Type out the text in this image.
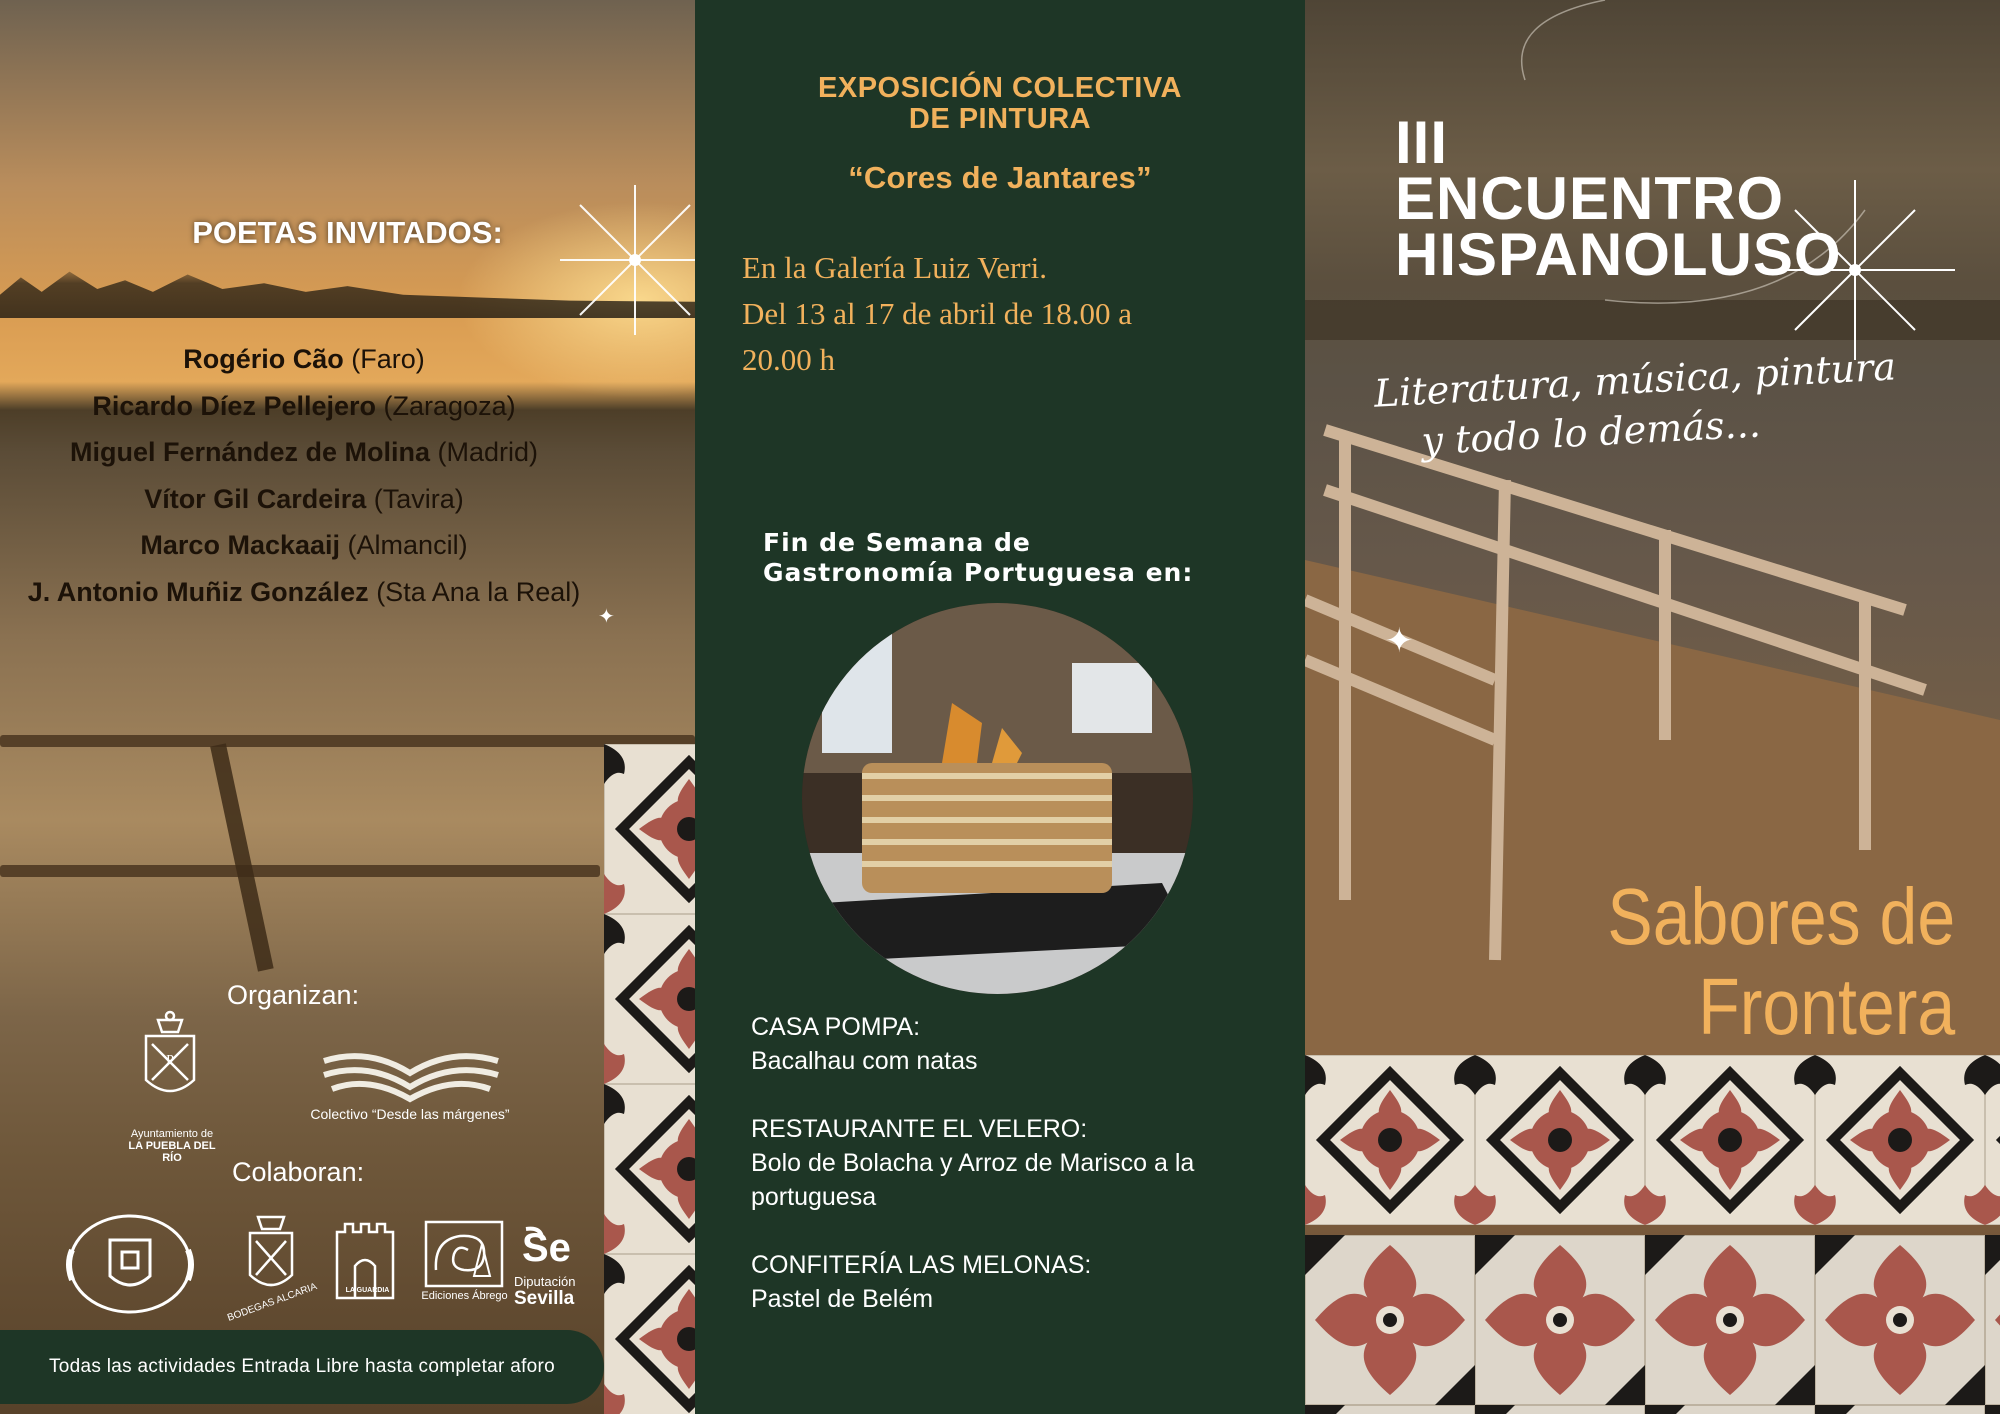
POETAS INVITADOS:
Rogério Cão (Faro)
Ricardo Díez Pellejero (Zaragoza)
Miguel Fernández de Molina (Madrid)
Vítor Gil Cardeira (Tavira)
Marco Mackaaij (Almancil)
J. Antonio Muñiz González (Sta Ana la Real)
✦
Organizan:
Ρ
Ayuntamiento de
LA PUEBLA DEL RÍO
Colectivo “Desde las márgenes”
Colaboran:
BODEGAS ALCARIA	LA GUARDIA	Ediciones Ábrego
Se
Diputación
Sevilla
Todas las actividades Entrada Libre hasta completar aforo
EXPOSICIÓN COLECTIVA
DE PINTURA
“Cores de Jantares”
En la Galería Luiz Verri.
Del 13 al 17 de abril de 18.00 a
20.00 h
Fin de Semana de
Gastronomía Portuguesa en:
CASA POMPA:
Bacalhau com natas
RESTAURANTE EL VELERO:
Bolo de Bolacha y Arroz de Marisco a la portuguesa
CONFITERÍA LAS MELONAS:
Pastel de Belém
✦
III
ENCUENTRO
HISPANOLUSO
Literatura, música, pintura
y todo lo demás...
Sabores de
Frontera
